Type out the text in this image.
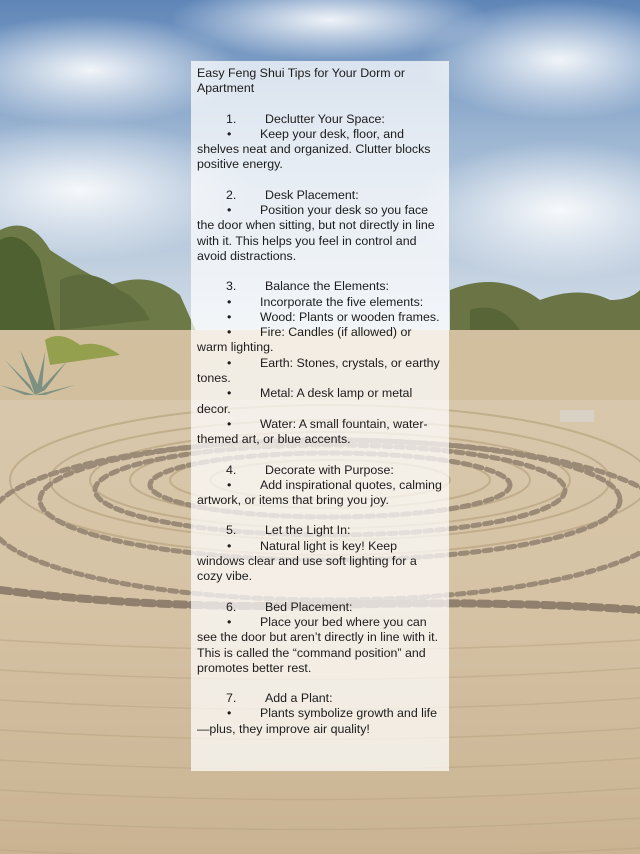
Easy Feng Shui Tips for Your Dorm or Apartment
1. Declutter Your Space:
• Keep your desk, floor, and shelves neat and organized. Clutter blocks positive energy.
2. Desk Placement:
• Position your desk so you face the door when sitting, but not directly in line with it. This helps you feel in control and avoid distractions.
3. Balance the Elements:
• Incorporate the five elements:
• Wood: Plants or wooden frames.
• Fire: Candles (if allowed) or warm lighting.
• Earth: Stones, crystals, or earthy tones.
• Metal: A desk lamp or metal decor.
• Water: A small fountain, water-themed art, or blue accents.
4. Decorate with Purpose:
• Add inspirational quotes, calming artwork, or items that bring you joy.
5. Let the Light In:
• Natural light is key! Keep windows clear and use soft lighting for a cozy vibe.
6. Bed Placement:
• Place your bed where you can see the door but aren’t directly in line with it. This is called the “command position” and promotes better rest.
7. Add a Plant:
• Plants symbolize growth and life—plus, they improve air quality!
